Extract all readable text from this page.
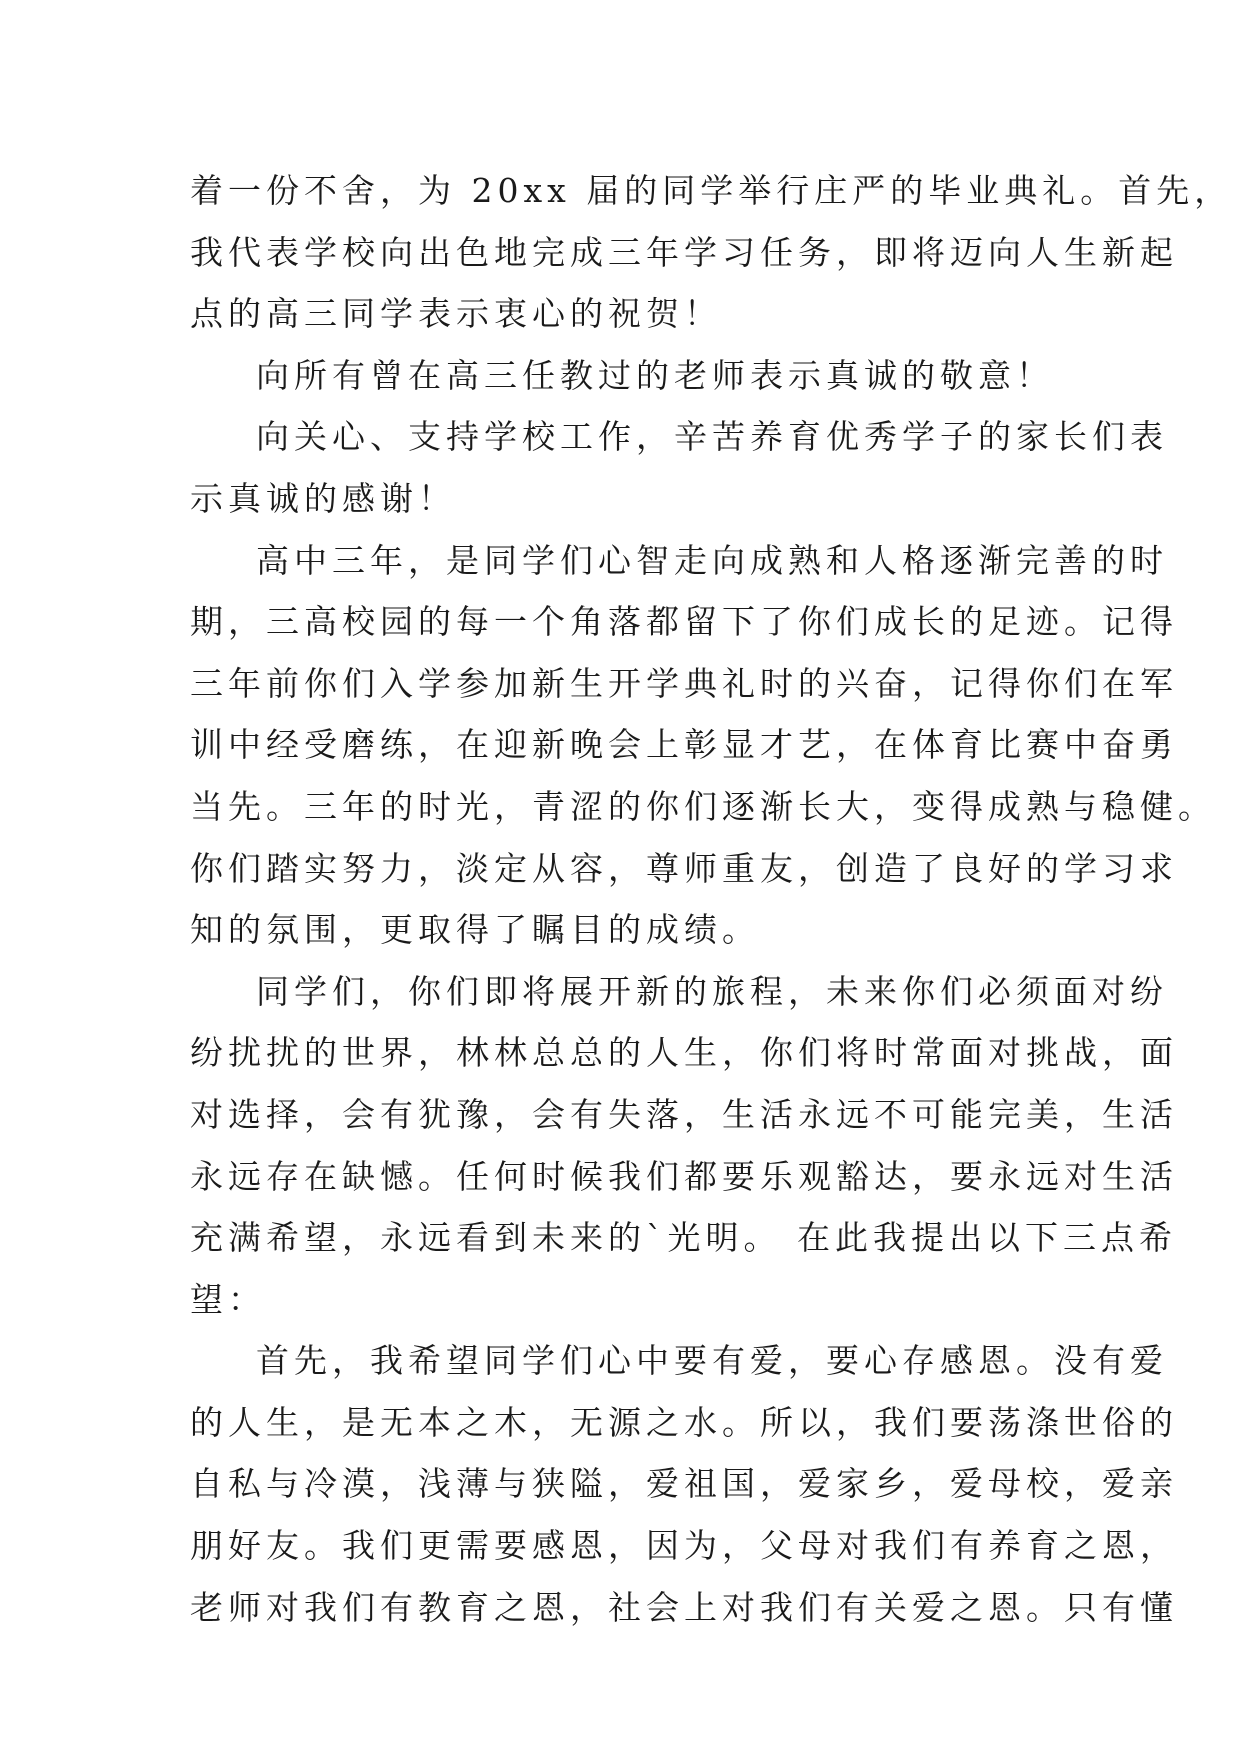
着一份不舍，为 20xx 届的同学举行庄严的毕业典礼。首先，
我代表学校向出色地完成三年学习任务，即将迈向人生新起
点的高三同学表示衷心的祝贺！
向所有曾在高三任教过的老师表示真诚的敬意！
向关心、支持学校工作，辛苦养育优秀学子的家长们表
示真诚的感谢！
高中三年，是同学们心智走向成熟和人格逐渐完善的时
期，三高校园的每一个角落都留下了你们成长的足迹。记得
三年前你们入学参加新生开学典礼时的兴奋，记得你们在军
训中经受磨练，在迎新晚会上彰显才艺，在体育比赛中奋勇
当先。三年的时光，青涩的你们逐渐长大，变得成熟与稳健。
你们踏实努力，淡定从容，尊师重友，创造了良好的学习求
知的氛围，更取得了瞩目的成绩。
同学们，你们即将展开新的旅程，未来你们必须面对纷
纷扰扰的世界，林林总总的人生，你们将时常面对挑战，面
对选择，会有犹豫，会有失落，生活永远不可能完美，生活
永远存在缺憾。任何时候我们都要乐观豁达，要永远对生活
充满希望，永远看到未来的`光明。 在此我提出以下三点希
望：
首先，我希望同学们心中要有爱，要心存感恩。没有爱
的人生，是无本之木，无源之水。所以，我们要荡涤世俗的
自私与冷漠，浅薄与狭隘，爱祖国，爱家乡，爱母校，爱亲
朋好友。我们更需要感恩，因为，父母对我们有养育之恩，
老师对我们有教育之恩，社会上对我们有关爱之恩。只有懂
